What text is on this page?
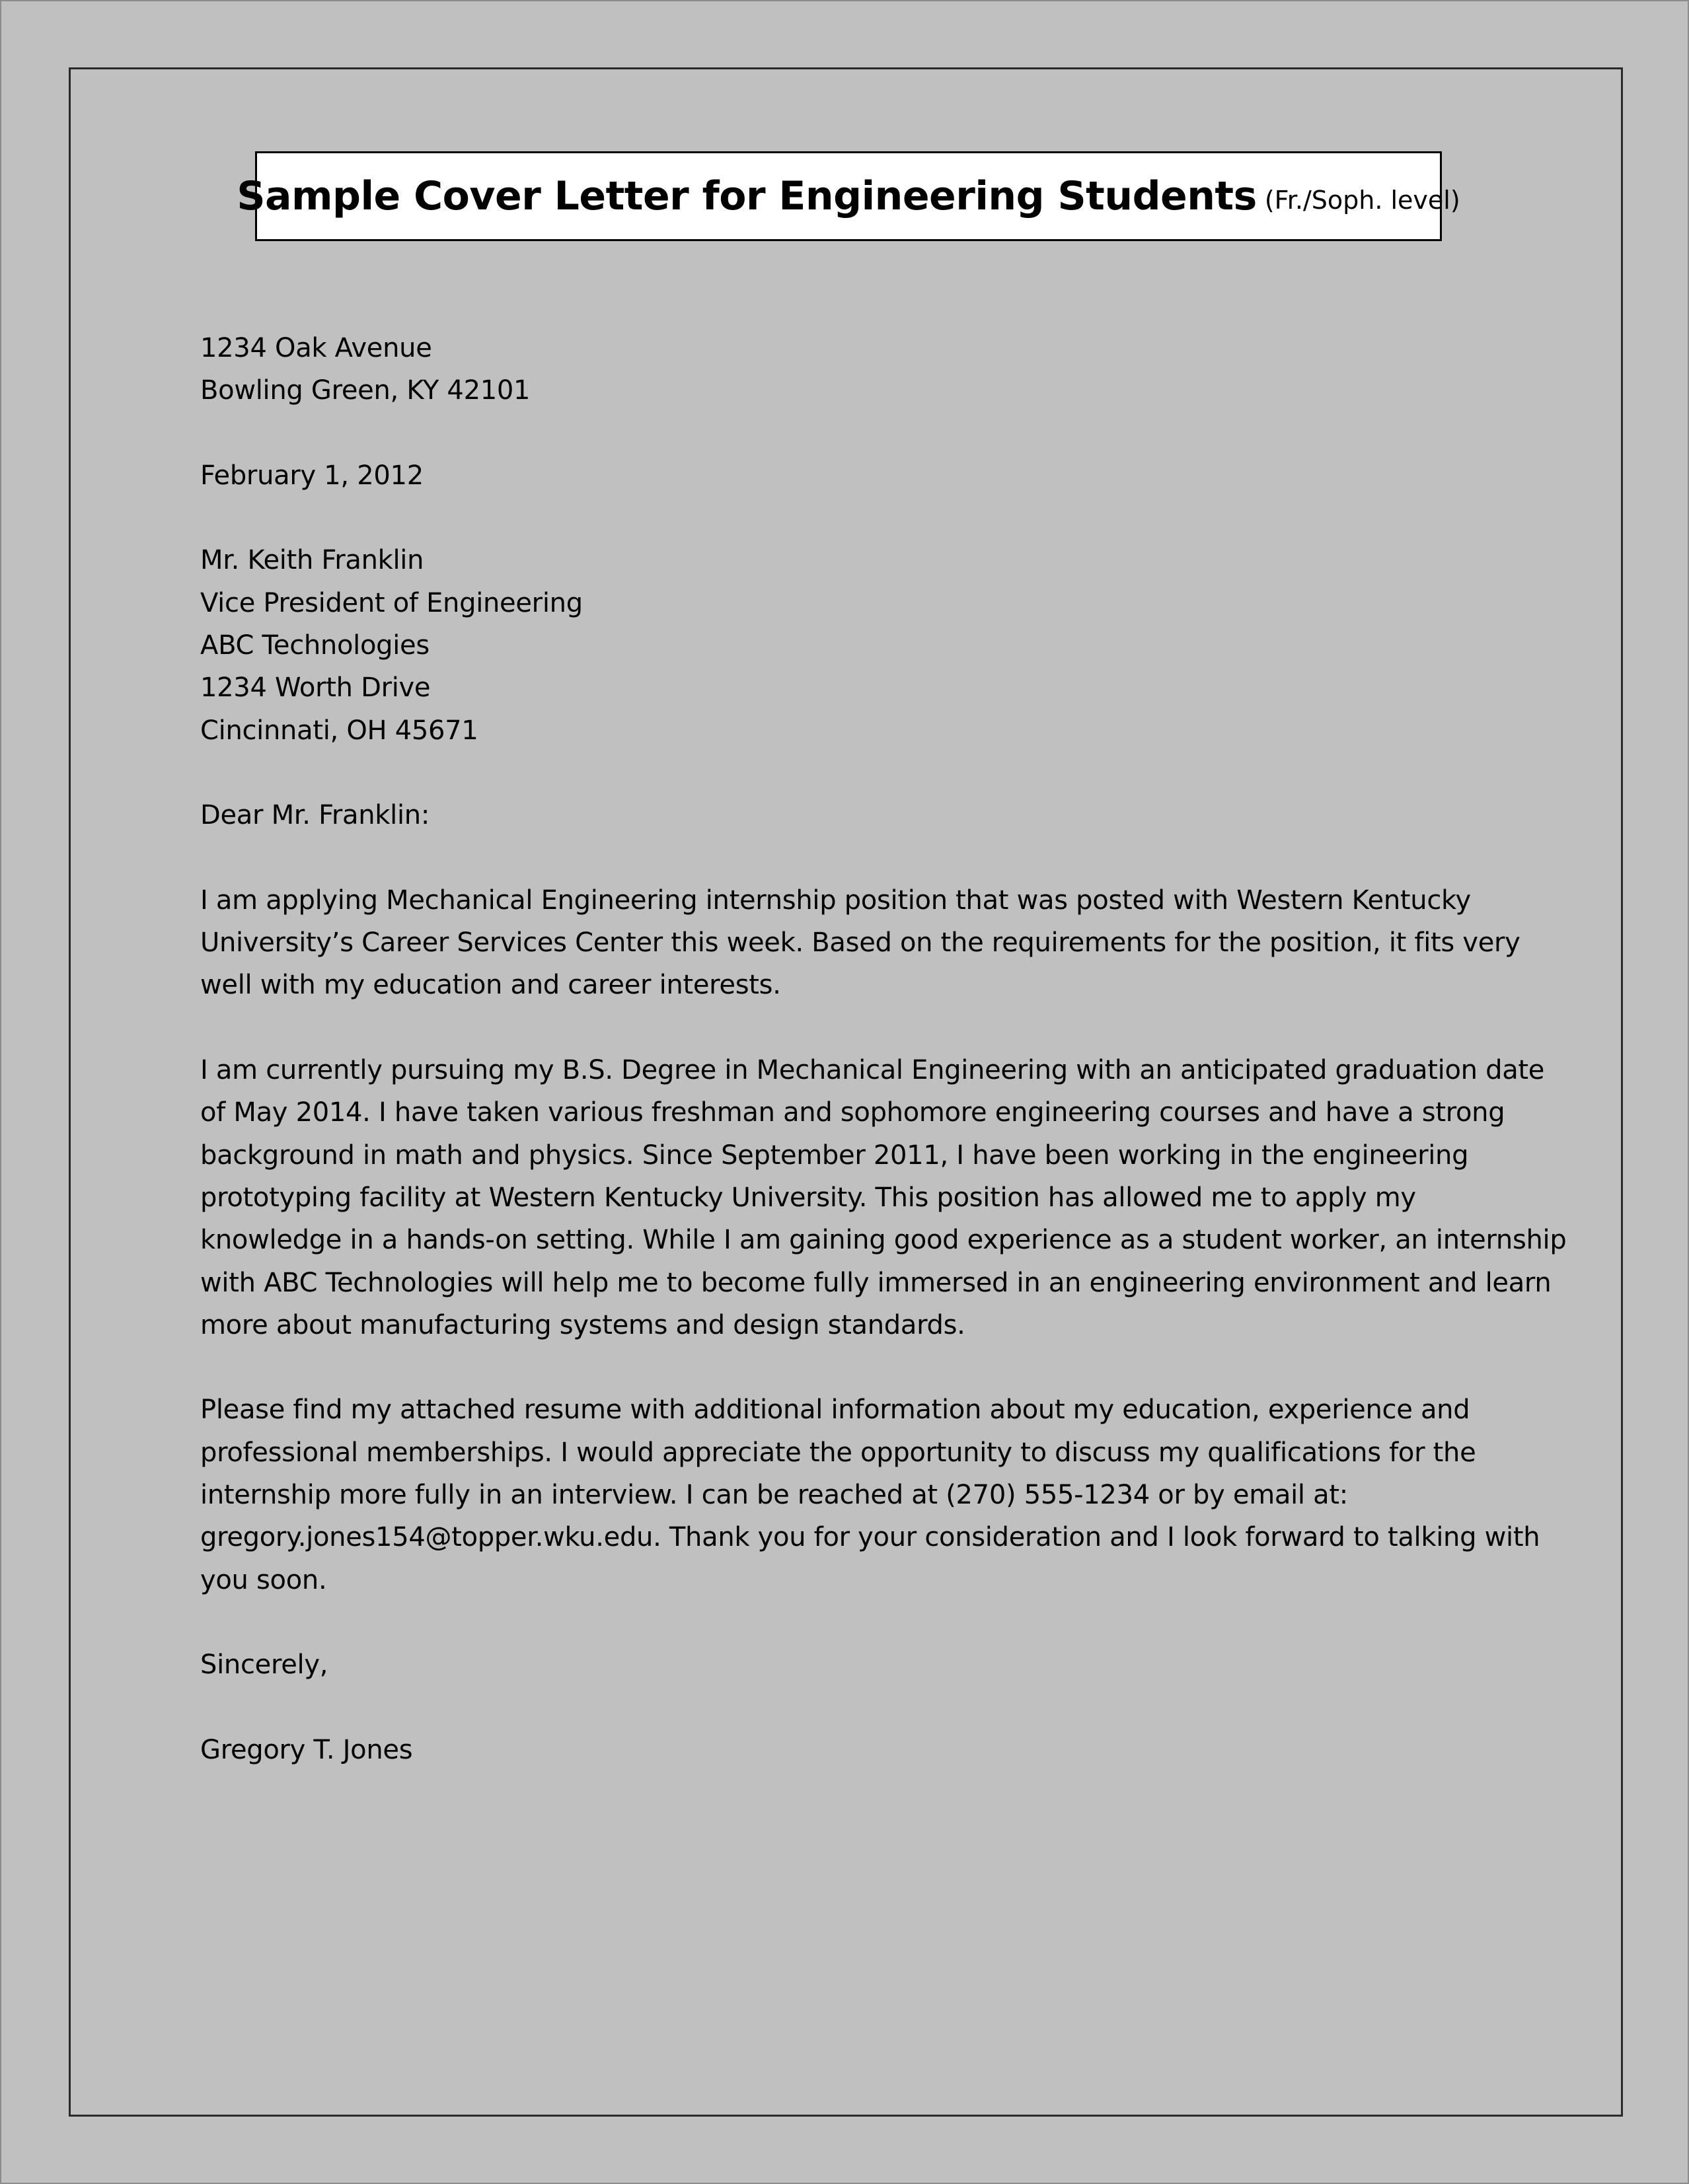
Sample Cover Letter for Engineering Students (Fr./Soph. level)
1234 Oak Avenue
Bowling Green, KY 42101
February 1, 2012
Mr. Keith Franklin
Vice President of Engineering
ABC Technologies
1234 Worth Drive
Cincinnati, OH 45671
Dear Mr. Franklin:
I am applying Mechanical Engineering internship position that was posted with Western Kentucky
University’s Career Services Center this week. Based on the requirements for the position, it fits very
well with my education and career interests.
I am currently pursuing my B.S. Degree in Mechanical Engineering with an anticipated graduation date
of May 2014. I have taken various freshman and sophomore engineering courses and have a strong
background in math and physics. Since September 2011, I have been working in the engineering
prototyping facility at Western Kentucky University. This position has allowed me to apply my
knowledge in a hands-on setting. While I am gaining good experience as a student worker, an internship
with ABC Technologies will help me to become fully immersed in an engineering environment and learn
more about manufacturing systems and design standards.
Please find my attached resume with additional information about my education, experience and
professional memberships. I would appreciate the opportunity to discuss my qualifications for the
internship more fully in an interview. I can be reached at (270) 555-1234 or by email at:
gregory.jones154@topper.wku.edu. Thank you for your consideration and I look forward to talking with
you soon.
Sincerely,
Gregory T. Jones
